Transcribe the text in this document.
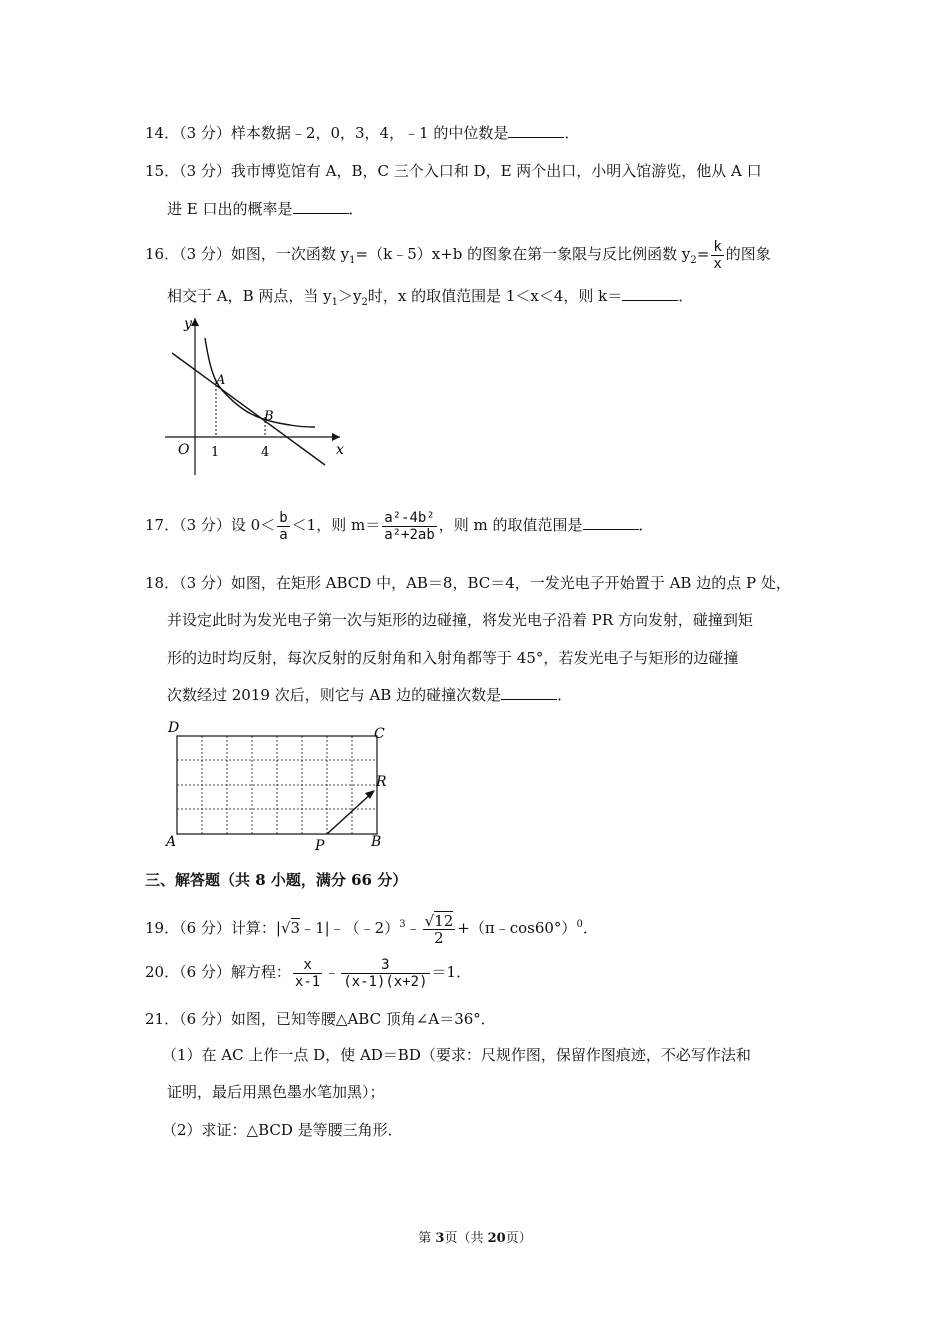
14．（3 分）样本数据﹣2，0，3，4，﹣1 的中位数是	．
15．（3 分）我市博览馆有 A，B，C 三个入口和 D，E 两个出口，小明入馆游览，他从 A 口
进 E 口出的概率是	．
16．（3 分）如图，一次函数 $y_1=(k﹣5)x+b$ 的图象在第一象限与反比例函数 $y_2= \frac{k}{x}$ 的图象
相交于 A，B 两点，当 $y_1>y_2$时，x 的取值范围是 1＜x＜4，则 k＝	．
y
x
O
A
B
1	4
17．（3 分）设 $0< \frac{b}{a} <1$，则 $m= \frac{\text{a²-4b²}}{\text{a²+2ab}}$ ，则 m 的取值范围是	．
18．（3 分）如图，在矩形 ABCD 中，AB＝8，BC＝4，一发光电子开始置于 AB 边的点 P 处，
并设定此时为发光电子第一次与矩形的边碰撞，将发光电子沿着 PR 方向发射，碰撞到矩
形的边时均反射，每次反射的反射角和入射角都等于 45°，若发光电子与矩形的边碰撞
次数经过 2019 次后，则它与 AB 边的碰撞次数是	．
D	C
A	B
P
R
三、解答题（共 8 小题，满分 66 分）
19．（6 分）计算：|√3﹣1|﹣（﹣2）$^3$﹣ $\frac{√12}{2}$ +（π﹣cos60°）$^0$．
20．（6 分）解方程： $\frac{x}{x-1}$ ﹣ $\frac{3}{(x-1)(x+2)} =1$．
21．（6 分）如图，已知等腰△ABC 顶角∠A＝36°．
（1）在 AC 上作一点 D，使 AD＝BD（要求：尺规作图，保留作图痕迹，不必写作法和
证明，最后用黑色墨水笔加黑）；
（2）求证：△BCD 是等腰三角形．
第 3页（共 20页）
